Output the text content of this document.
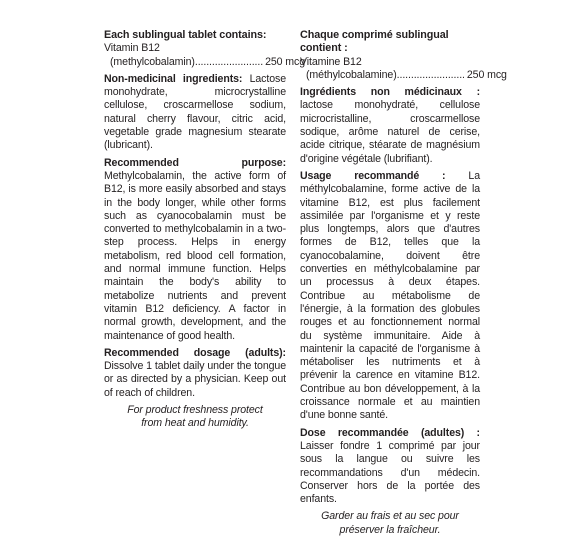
Each sublingual tablet contains:
Vitamin B12
(methylcobalamin)........................ 250 mcg
Non-medicinal ingredients: Lactose monohydrate, microcrystalline cellulose, croscarmellose sodium, natural cherry flavour, citric acid, vegetable grade magnesium stearate (lubricant).
Recommended purpose: Methylcobalamin, the active form of B12, is more easily absorbed and stays in the body longer, while other forms such as cyanocobalamin must be converted to methylcobalamin in a two-step process. Helps in energy metabolism, red blood cell formation, and normal immune function. Helps maintain the body's ability to metabolize nutrients and prevent vitamin B12 deficiency. A factor in normal growth, development, and the maintenance of good health.
Recommended dosage (adults): Dissolve 1 tablet daily under the tongue or as directed by a physician. Keep out of reach of children.
For product freshness protect
from heat and humidity.
Chaque comprimé sublingual contient :
Vitamine B12
(méthylcobalamine)........................ 250 mcg
Ingrédients non médicinaux : lactose monohydraté, cellulose microcristalline, croscarmellose sodique, arôme naturel de cerise, acide citrique, stéarate de magnésium d'origine végétale (lubrifiant).
Usage recommandé : La méthylcobalamine, forme active de la vitamine B12, est plus facilement assimilée par l'organisme et y reste plus longtemps, alors que d'autres formes de B12, telles que la cyanocobalamine, doivent être converties en méthylcobalamine par un processus à deux étapes. Contribue au métabolisme de l'énergie, à la formation des globules rouges et au fonctionnement normal du système immunitaire. Aide à maintenir la capacité de l'organisme à métaboliser les nutriments et à prévenir la carence en vitamine B12. Contribue au bon développement, à la croissance normale et au maintien d'une bonne santé.
Dose recommandée (adultes) : Laisser fondre 1 comprimé par jour sous la langue ou suivre les recommandations d'un médecin. Conserver hors de la portée des enfants.
Garder au frais et au sec pour
préserver la fraîcheur.
